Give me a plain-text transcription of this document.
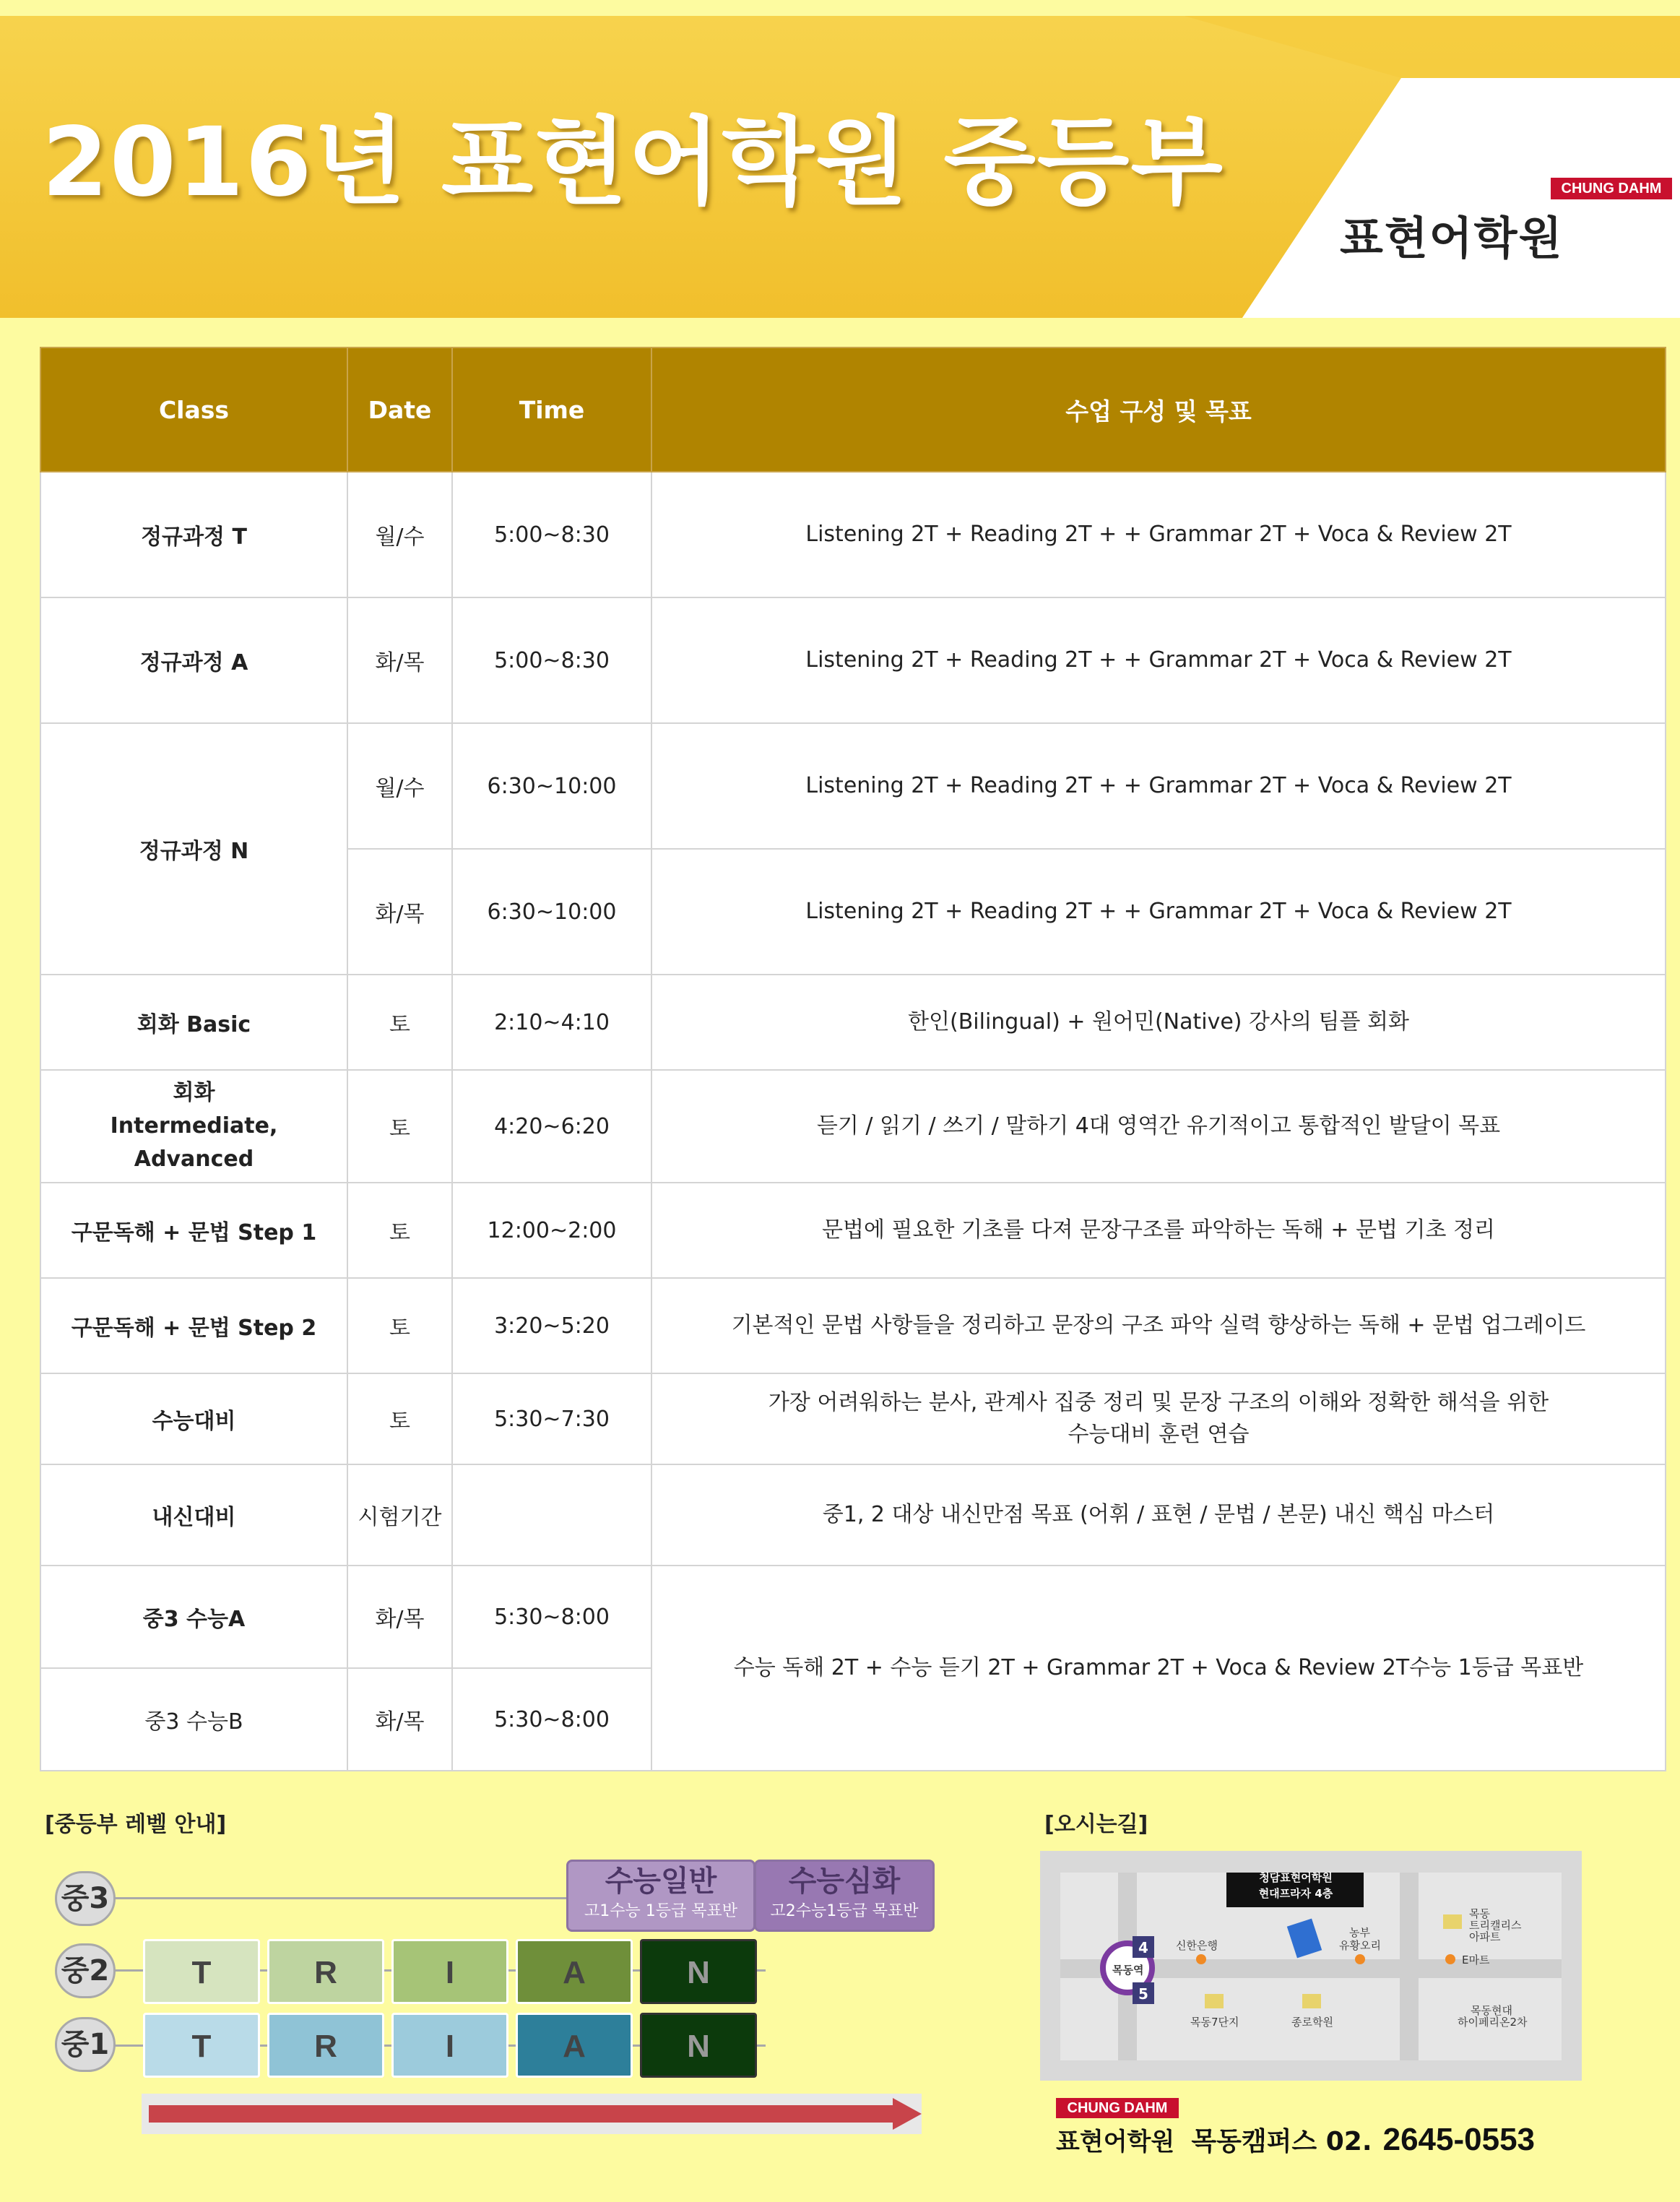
2016년 표현어학원 중등부	CHUNG DAHM
표현어학원
Class	Date	Time	수업 구성 및 목표
정규과정 T	월/수	5:00~8:30	Listening 2T + Reading 2T + + Grammar 2T + Voca & Review 2T
정규과정 A	화/목	5:00~8:30	Listening 2T + Reading 2T + + Grammar 2T + Voca & Review 2T
정규과정 N	월/수	6:30~10:00	Listening 2T + Reading 2T + + Grammar 2T + Voca & Review 2T
	화/목	6:30~10:00	Listening 2T + Reading 2T + + Grammar 2T + Voca & Review 2T
회화 Basic	토	2:10~4:10	한인(Bilingual) + 원어민(Native) 강사의 팀플 회화

회화
Intermediate,
Advanced	토	4:20~6:20	듣기 / 읽기 / 쓰기 / 말하기 4대 영역간 유기적이고 통합적인 발달이 목표
구문독해 + 문법 Step 1	토	12:00~2:00	문법에 필요한 기초를 다져 문장구조를 파악하는 독해 + 문법 기초 정리
구문독해 + 문법 Step 2	토	3:20~5:20	기본적인 문법 사항들을 정리하고 문장의 구조 파악 실력 향상하는 독해 + 문법 업그레이드
수능대비	토	5:30~7:30	가장 어려워하는 분사, 관계사 집중 정리 및 문장 구조의 이해와 정확한 해석을 위한
수능대비 훈련 연습

내신대비	시험기간		중1, 2 대상 내신만점 목표 (어휘 / 표현 / 문법 / 본문) 내신 핵심 마스터
중3 수능A	화/목	5:30~8:00	수능 독해 2T + 수능 듣기 2T + Grammar 2T + Voca & Review 2T수능 1등급 목표반
중3 수능B	화/목	5:30~8:00	
[중등부 레벨 안내]
수능일반
고1수능 1등급 목표반
수능심화
고2수능1등급 목표반
중3
중2
중1
T	R	I	A	N
T	R	I	A	N
[오시는길]
청담표현어학원
현대프라자 4층
목동역
4
5
신한은행
농부
유황오리
목동
트리캘리스
아파트
E마트
목동7단지	종로학원
목동현대
하이페리온2차
CHUNG DAHM
표현어학원 목동캠퍼스 02. 2645-0553
